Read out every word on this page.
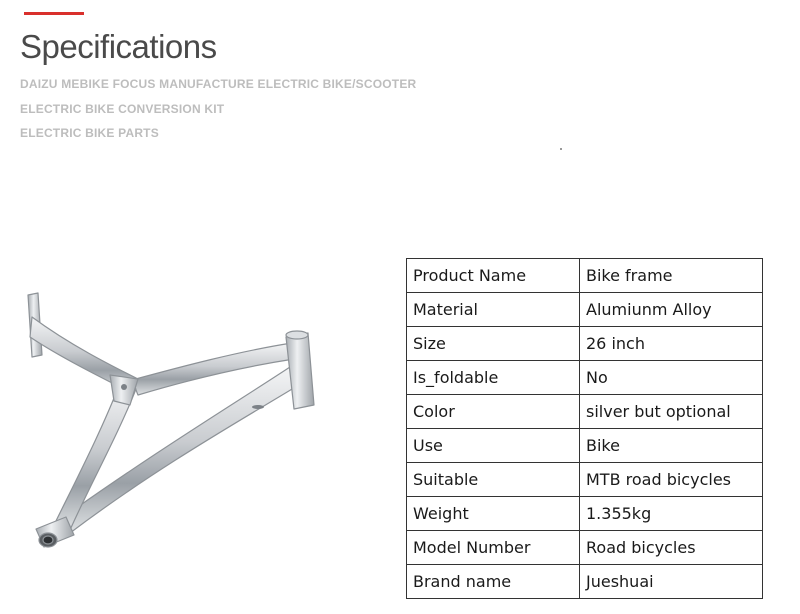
Specifications
DAIZU MEBIKE FOCUS MANUFACTURE ELECTRIC BIKE/SCOOTER
ELECTRIC BIKE CONVERSION KIT
ELECTRIC BIKE PARTS
Product Name	Bike frame
Material	Alumiunm Alloy
Size	26 inch
Is_foldable	No
Color	silver but optional
Use	Bike
Suitable	MTB road bicycles
Weight	1.355kg
Model Number	Road bicycles
Brand name	Jueshuai
